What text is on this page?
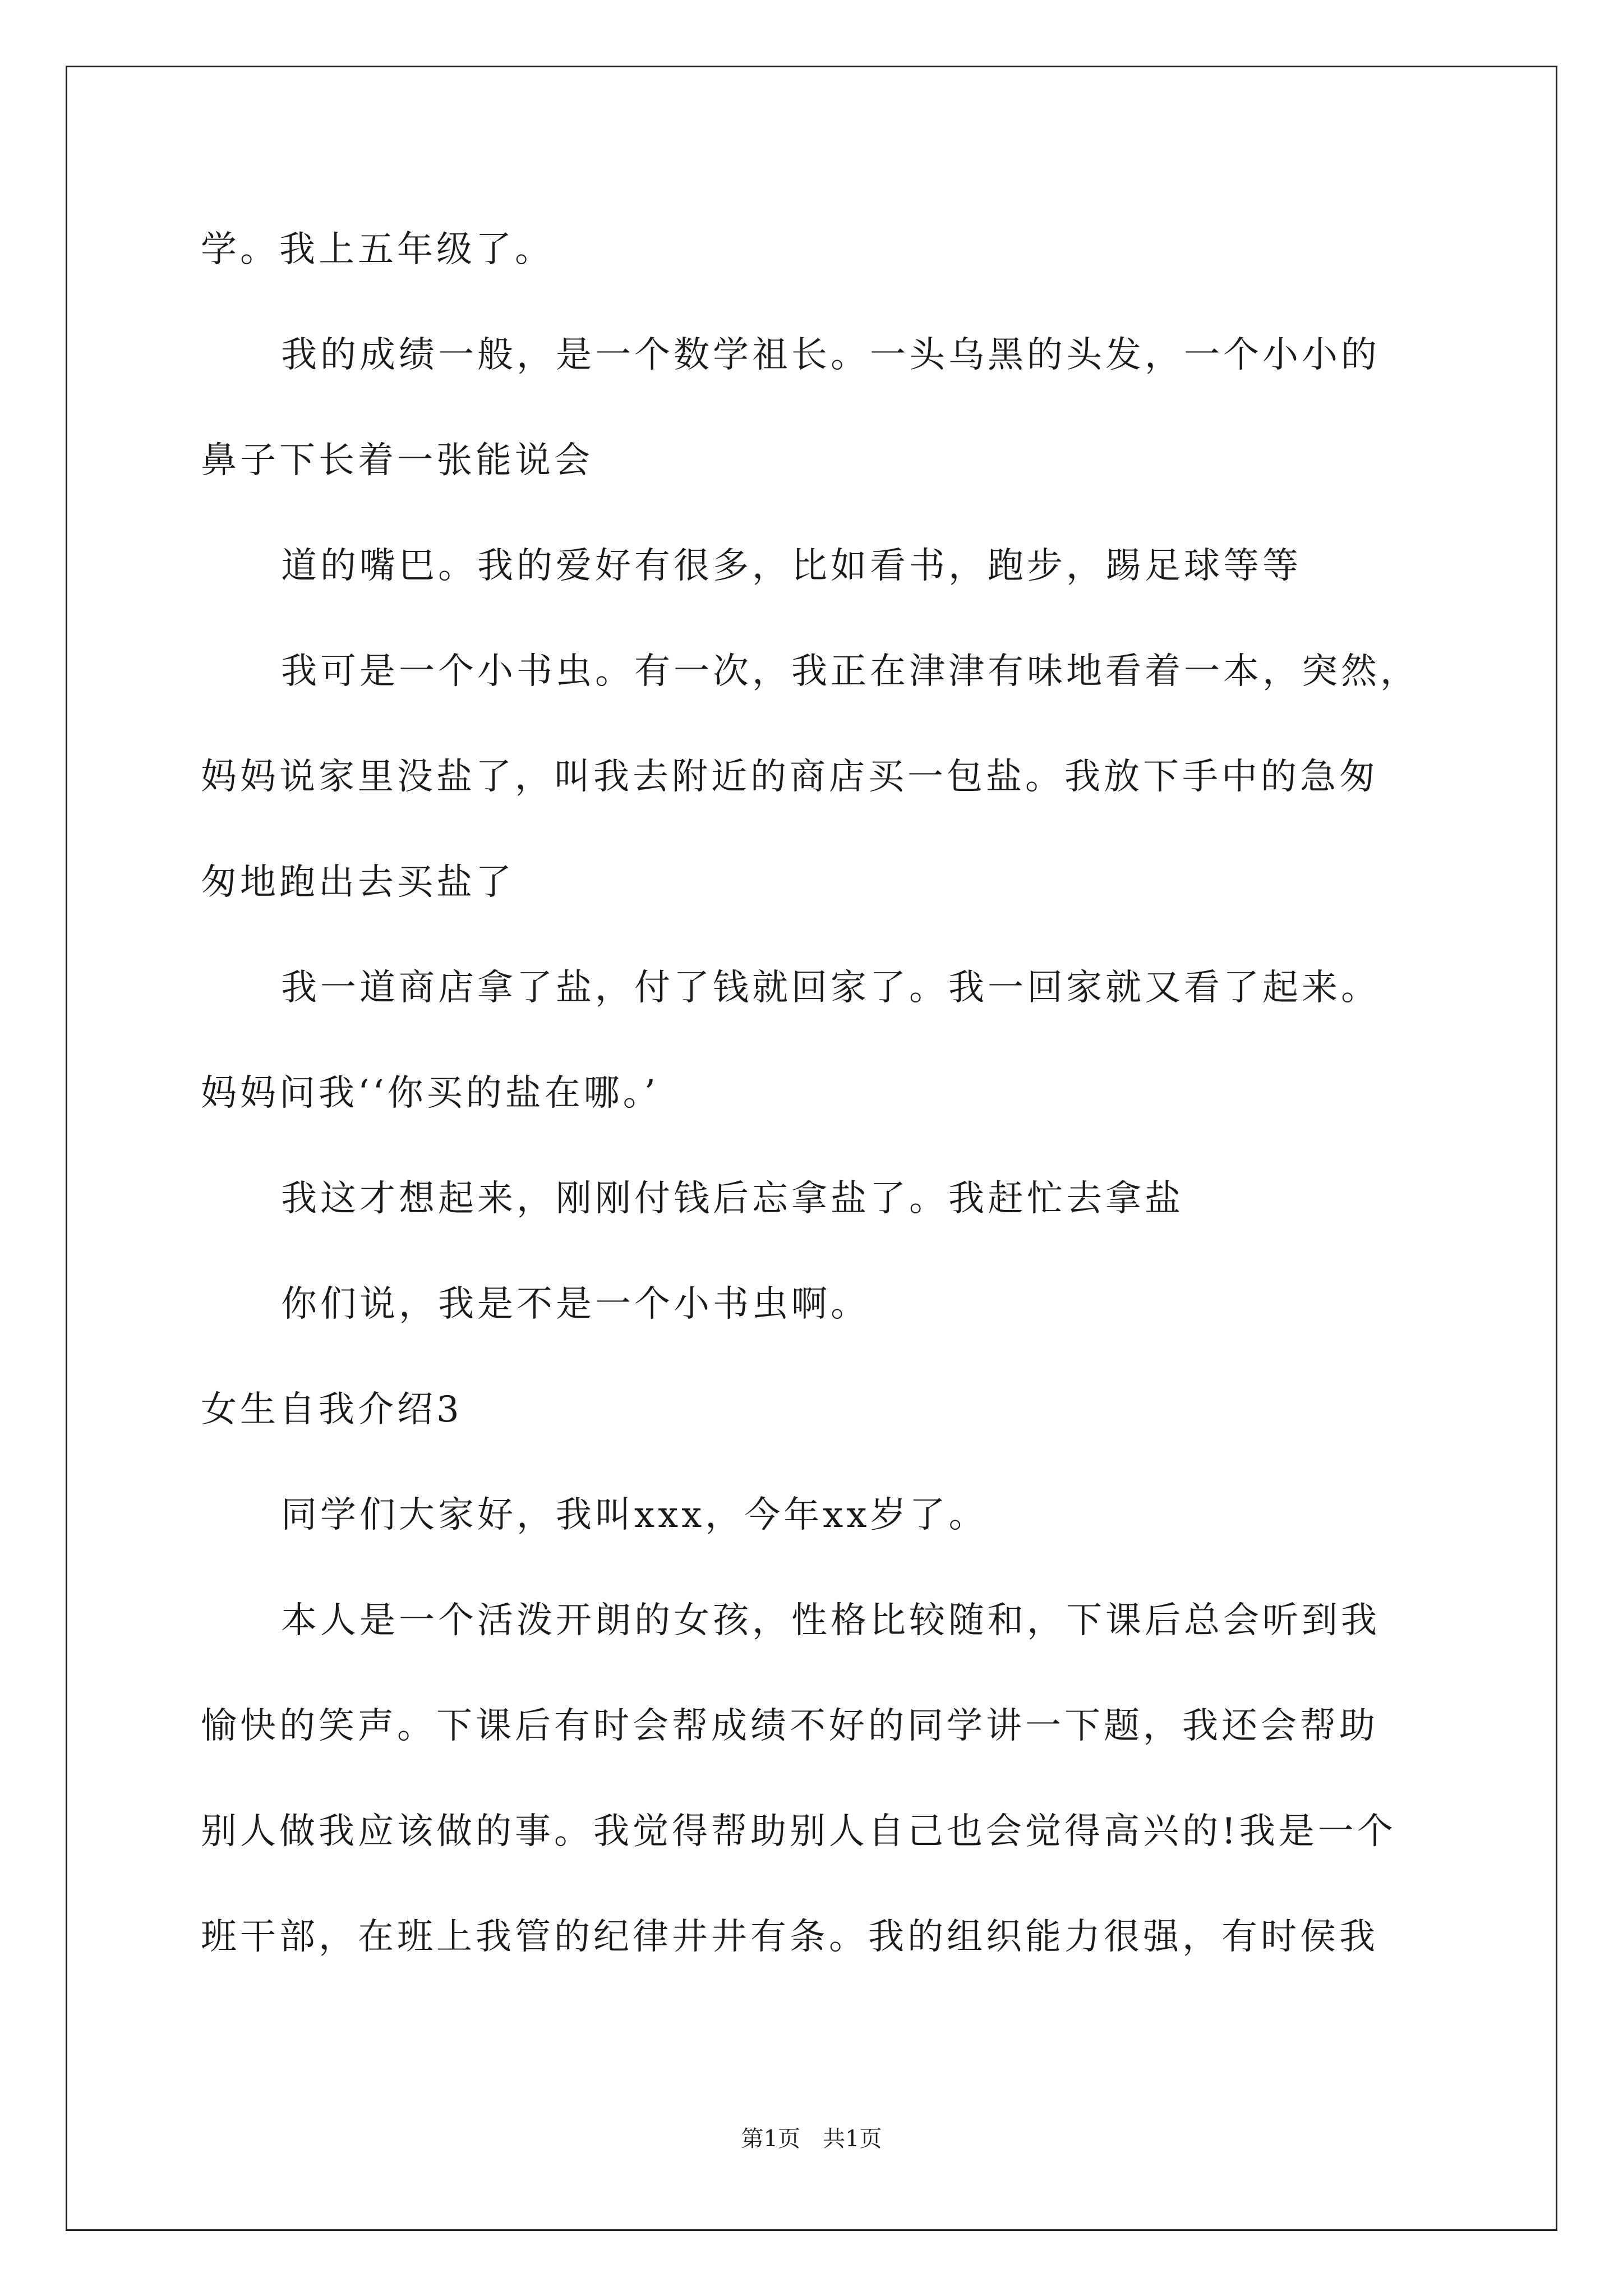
学。我上五年级了。
我的成绩一般，是一个数学祖长。一头乌黑的头发，一个小小的
鼻子下长着一张能说会
道的嘴巴。我的爱好有很多，比如看书，跑步，踢足球等等
我可是一个小书虫。有一次，我正在津津有味地看着一本，突然，
妈妈说家里没盐了，叫我去附近的商店买一包盐。我放下手中的急匆
匆地跑出去买盐了
我一道商店拿了盐，付了钱就回家了。我一回家就又看了起来。
妈妈问我‘‘你买的盐在哪。’
我这才想起来，刚刚付钱后忘拿盐了。我赶忙去拿盐
你们说，我是不是一个小书虫啊。
女生自我介绍3
同学们大家好，我叫xxx，今年xx岁了。
本人是一个活泼开朗的女孩，性格比较随和，下课后总会听到我
愉快的笑声。下课后有时会帮成绩不好的同学讲一下题，我还会帮助
别人做我应该做的事。我觉得帮助别人自己也会觉得高兴的!我是一个
班干部，在班上我管的纪律井井有条。我的组织能力很强，有时侯我
第1页 共1页
